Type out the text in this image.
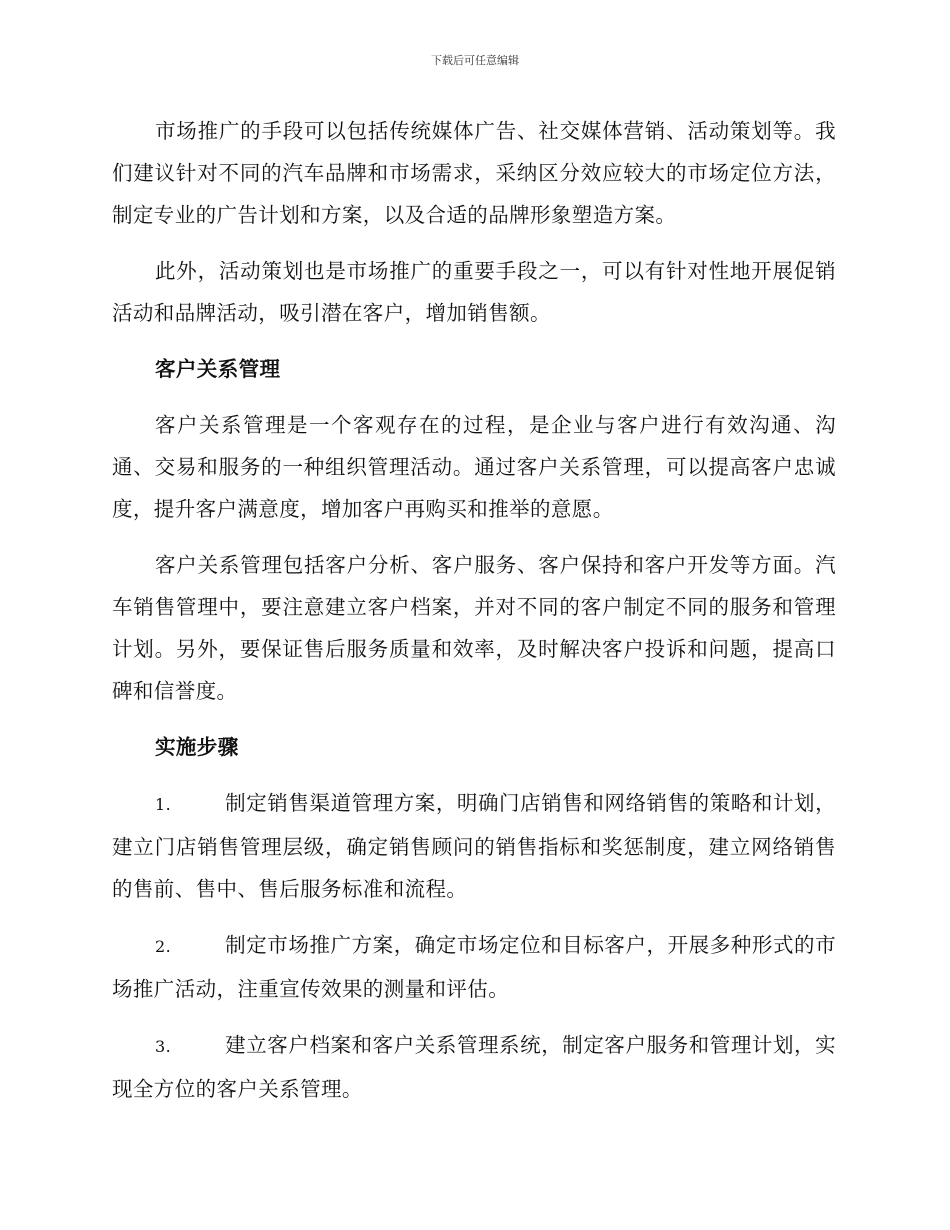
下载后可任意编辑

市场推广的手段可以包括传统媒体广告、社交媒体营销、活动策划等。我们建议针对不同的汽车品牌和市场需求，采纳区分效应较大的市场定位方法，制定专业的广告计划和方案，以及合适的品牌形象塑造方案。

此外，活动策划也是市场推广的重要手段之一，可以有针对性地开展促销活动和品牌活动，吸引潜在客户，增加销售额。

客户关系管理

客户关系管理是一个客观存在的过程，是企业与客户进行有效沟通、沟通、交易和服务的一种组织管理活动。通过客户关系管理，可以提高客户忠诚度，提升客户满意度，增加客户再购买和推举的意愿。

客户关系管理包括客户分析、客户服务、客户保持和客户开发等方面。汽车销售管理中，要注意建立客户档案，并对不同的客户制定不同的服务和管理计划。另外，要保证售后服务质量和效率，及时解决客户投诉和问题，提高口碑和信誉度。

实施步骤

1.	制定销售渠道管理方案，明确门店销售和网络销售的策略和计划，建立门店销售管理层级，确定销售顾问的销售指标和奖惩制度，建立网络销售的售前、售中、售后服务标准和流程。

2.	制定市场推广方案，确定市场定位和目标客户，开展多种形式的市场推广活动，注重宣传效果的测量和评估。

3.	建立客户档案和客户关系管理系统，制定客户服务和管理计划，实现全方位的客户关系管理。
